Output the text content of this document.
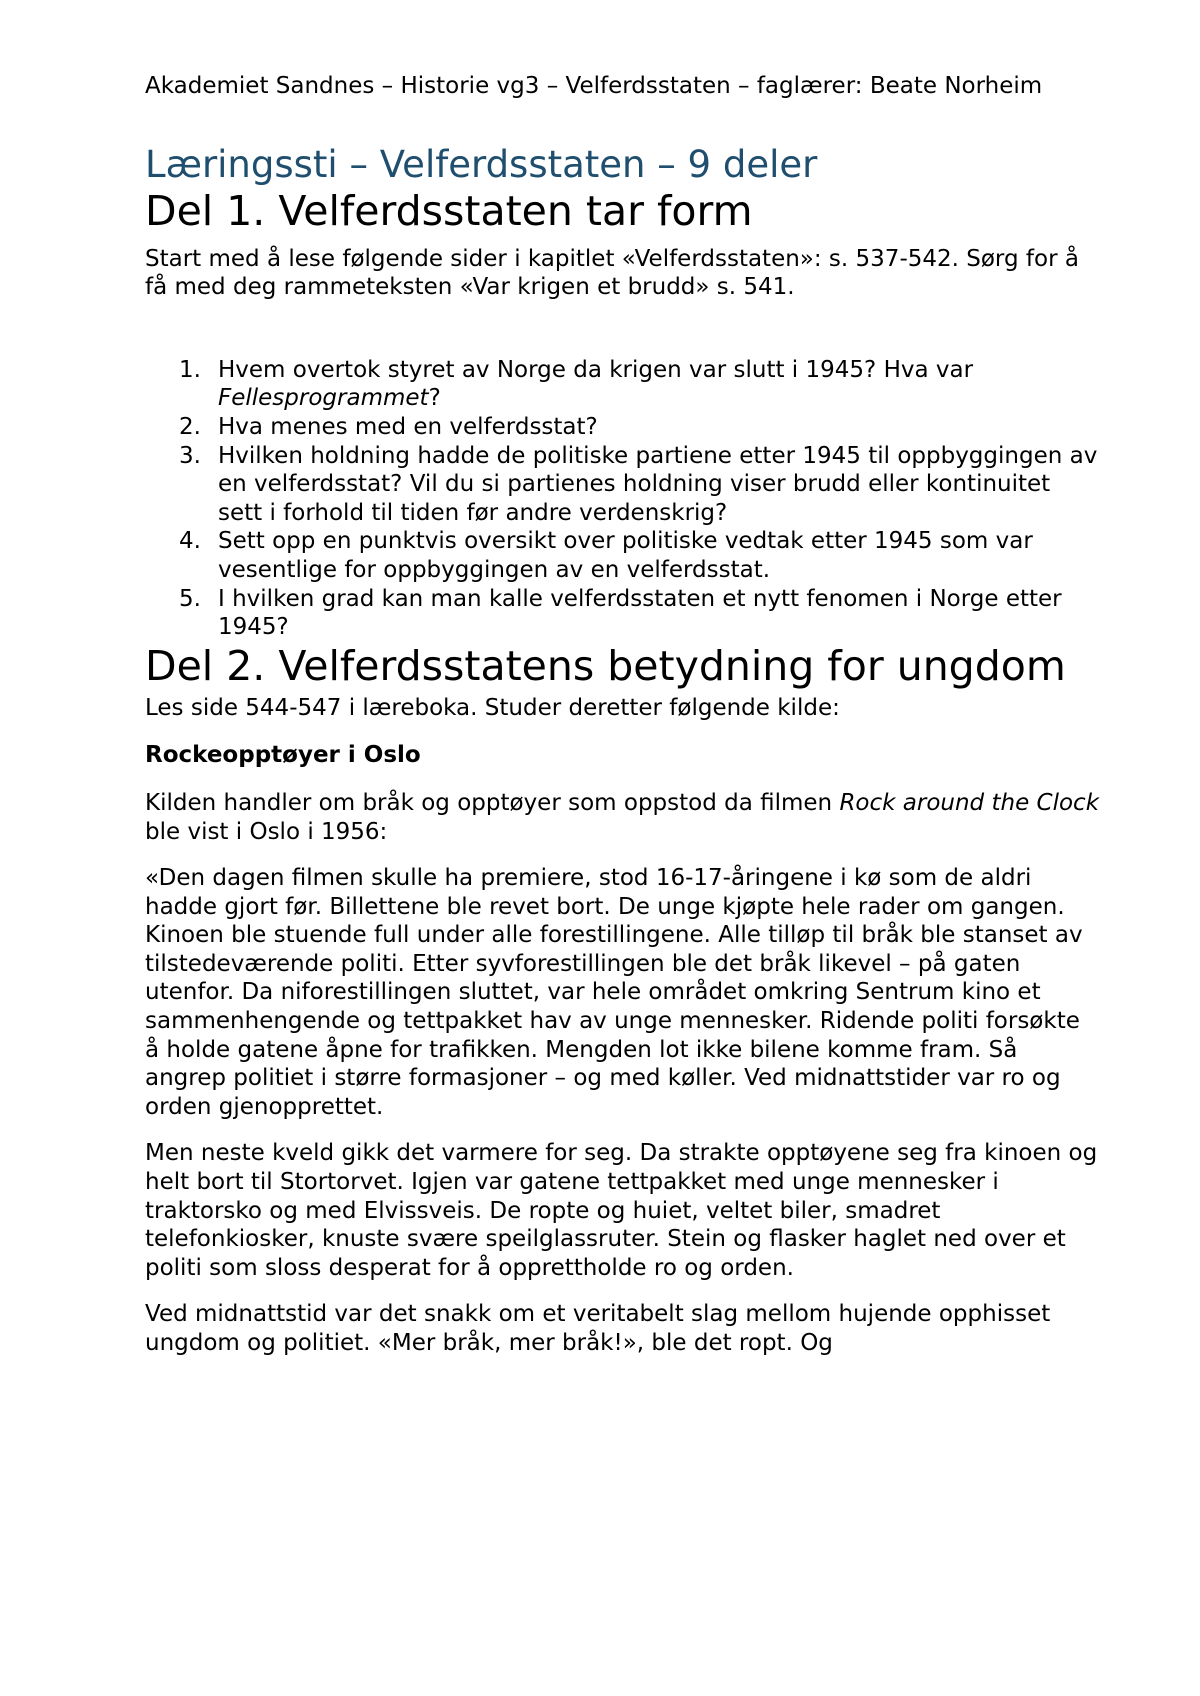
Akademiet Sandnes – Historie vg3 – Velferdsstaten – faglærer: Beate Norheim

Læringssti – Velferdsstaten – 9 deler
Del 1. Velferdsstaten tar form

Start med å lese følgende sider i kapitlet «Velferdsstaten»: s. 537-542. Sørg for å få med deg rammeteksten «Var krigen et brudd» s. 541.

1. Hvem overtok styret av Norge da krigen var slutt i 1945? Hva var Fellesprogrammet?
2. Hva menes med en velferdsstat?
3. Hvilken holdning hadde de politiske partiene etter 1945 til oppbyggingen av en velferdsstat? Vil du si partienes holdning viser brudd eller kontinuitet sett i forhold til tiden før andre verdenskrig?
4. Sett opp en punktvis oversikt over politiske vedtak etter 1945 som var vesentlige for oppbyggingen av en velferdsstat.
5. I hvilken grad kan man kalle velferdsstaten et nytt fenomen i Norge etter 1945?
Del 2. Velferdsstatens betydning for ungdom

Les side 544-547 i læreboka. Studer deretter følgende kilde:

Rockeopptøyer i Oslo

Kilden handler om bråk og opptøyer som oppstod da filmen Rock around the Clock ble vist i Oslo i 1956:

«Den dagen filmen skulle ha premiere, stod 16-17-åringene i kø som de aldri hadde gjort før. Billettene ble revet bort. De unge kjøpte hele rader om gangen. Kinoen ble stuende full under alle forestillingene. Alle tilløp til bråk ble stanset av tilstedeværende politi. Etter syvforestillingen ble det bråk likevel – på gaten utenfor. Da niforestillingen sluttet, var hele området omkring Sentrum kino et sammenhengende og tettpakket hav av unge mennesker. Ridende politi forsøkte å holde gatene åpne for trafikken. Mengden lot ikke bilene komme fram. Så angrep politiet i større formasjoner – og med køller. Ved midnattstider var ro og orden gjenopprettet.

Men neste kveld gikk det varmere for seg. Da strakte opptøyene seg fra kinoen og helt bort til Stortorvet. Igjen var gatene tettpakket med unge mennesker i traktorsko og med Elvissveis. De ropte og huiet, veltet biler, smadret telefonkiosker, knuste svære speilglassruter. Stein og flasker haglet ned over et politi som sloss desperat for å opprettholde ro og orden.

Ved midnattstid var det snakk om et veritabelt slag mellom hujende opphisset ungdom og politiet. «Mer bråk, mer bråk!», ble det ropt. Og
